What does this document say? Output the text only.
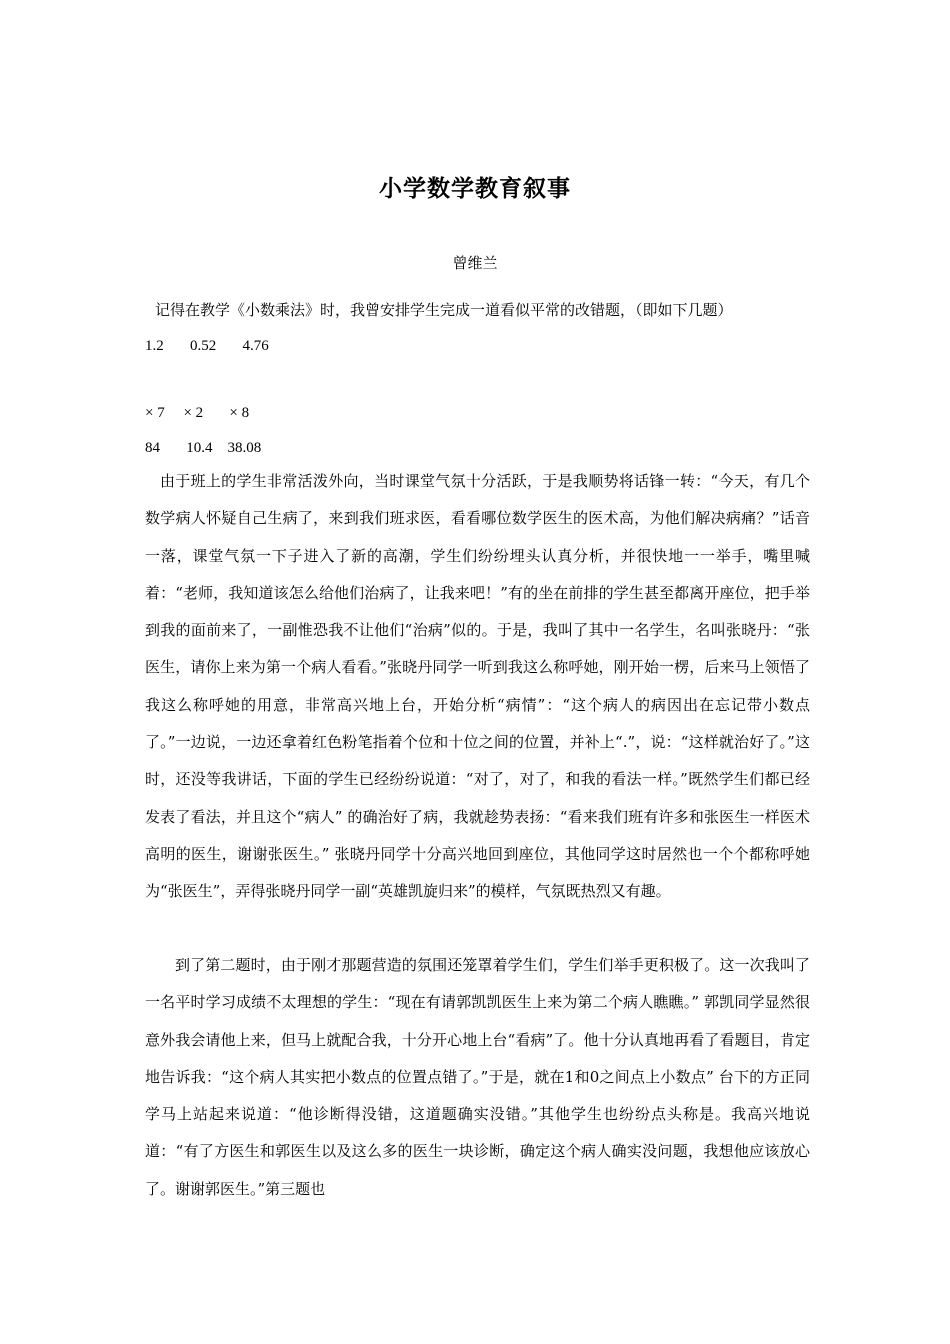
小学数学教育叙事
曾维兰
记得在教学《小数乘法》时，我曾安排学生完成一道看似平常的改错题，（即如下几题）
1.2       0.52       4.76
× 7     × 2       × 8
84       10.4    38.08

由于班上的学生非常活泼外向，当时课堂气氛十分活跃，于是我顺势将话锋一转：“今天，有几个数学病人怀疑自己生病了，来到我们班求医，看看哪位数学医生的医术高，为他们解决病痛？”话音一落，课堂气氛一下子进入了新的高潮，学生们纷纷埋头认真分析，并很快地一一举手，嘴里喊着：“老师，我知道该怎么给他们治病了，让我来吧！”有的坐在前排的学生甚至都离开座位，把手举到我的面前来了，一副惟恐我不让他们“治病”似的。于是，我叫了其中一名学生，名叫张晓丹：“张医生，请你上来为第一个病人看看。”张晓丹同学一听到我这么称呼她，刚开始一楞，后来马上领悟了我这么称呼她的用意，非常高兴地上台，开始分析“病情”：“这个病人的病因出在忘记带小数点了。”一边说，一边还拿着红色粉笔指着个位和十位之间的位置，并补上“.”，说：“这样就治好了。”这时，还没等我讲话，下面的学生已经纷纷说道：“对了，对了，和我的看法一样。”既然学生们都已经发表了看法，并且这个“病人” 的确治好了病，我就趁势表扬：“看来我们班有许多和张医生一样医术高明的医生，谢谢张医生。” 张晓丹同学十分高兴地回到座位，其他同学这时居然也一个个都称呼她为“张医生”，弄得张晓丹同学一副“英雄凯旋归来”的模样，气氛既热烈又有趣。

到了第二题时，由于刚才那题营造的氛围还笼罩着学生们，学生们举手更积极了。这一次我叫了一名平时学习成绩不太理想的学生：“现在有请郭凯凯医生上来为第二个病人瞧瞧。” 郭凯同学显然很意外我会请他上来，但马上就配合我，十分开心地上台“看病”了。他十分认真地再看了看题目，肯定地告诉我：“这个病人其实把小数点的位置点错了。”于是，就在1和0之间点上小数点” 台下的方正同学马上站起来说道：“他诊断得没错，这道题确实没错。”其他学生也纷纷点头称是。我高兴地说道：“有了方医生和郭医生以及这么多的医生一块诊断，确定这个病人确实没问题，我想他应该放心了。谢谢郭医生。”第三题也
